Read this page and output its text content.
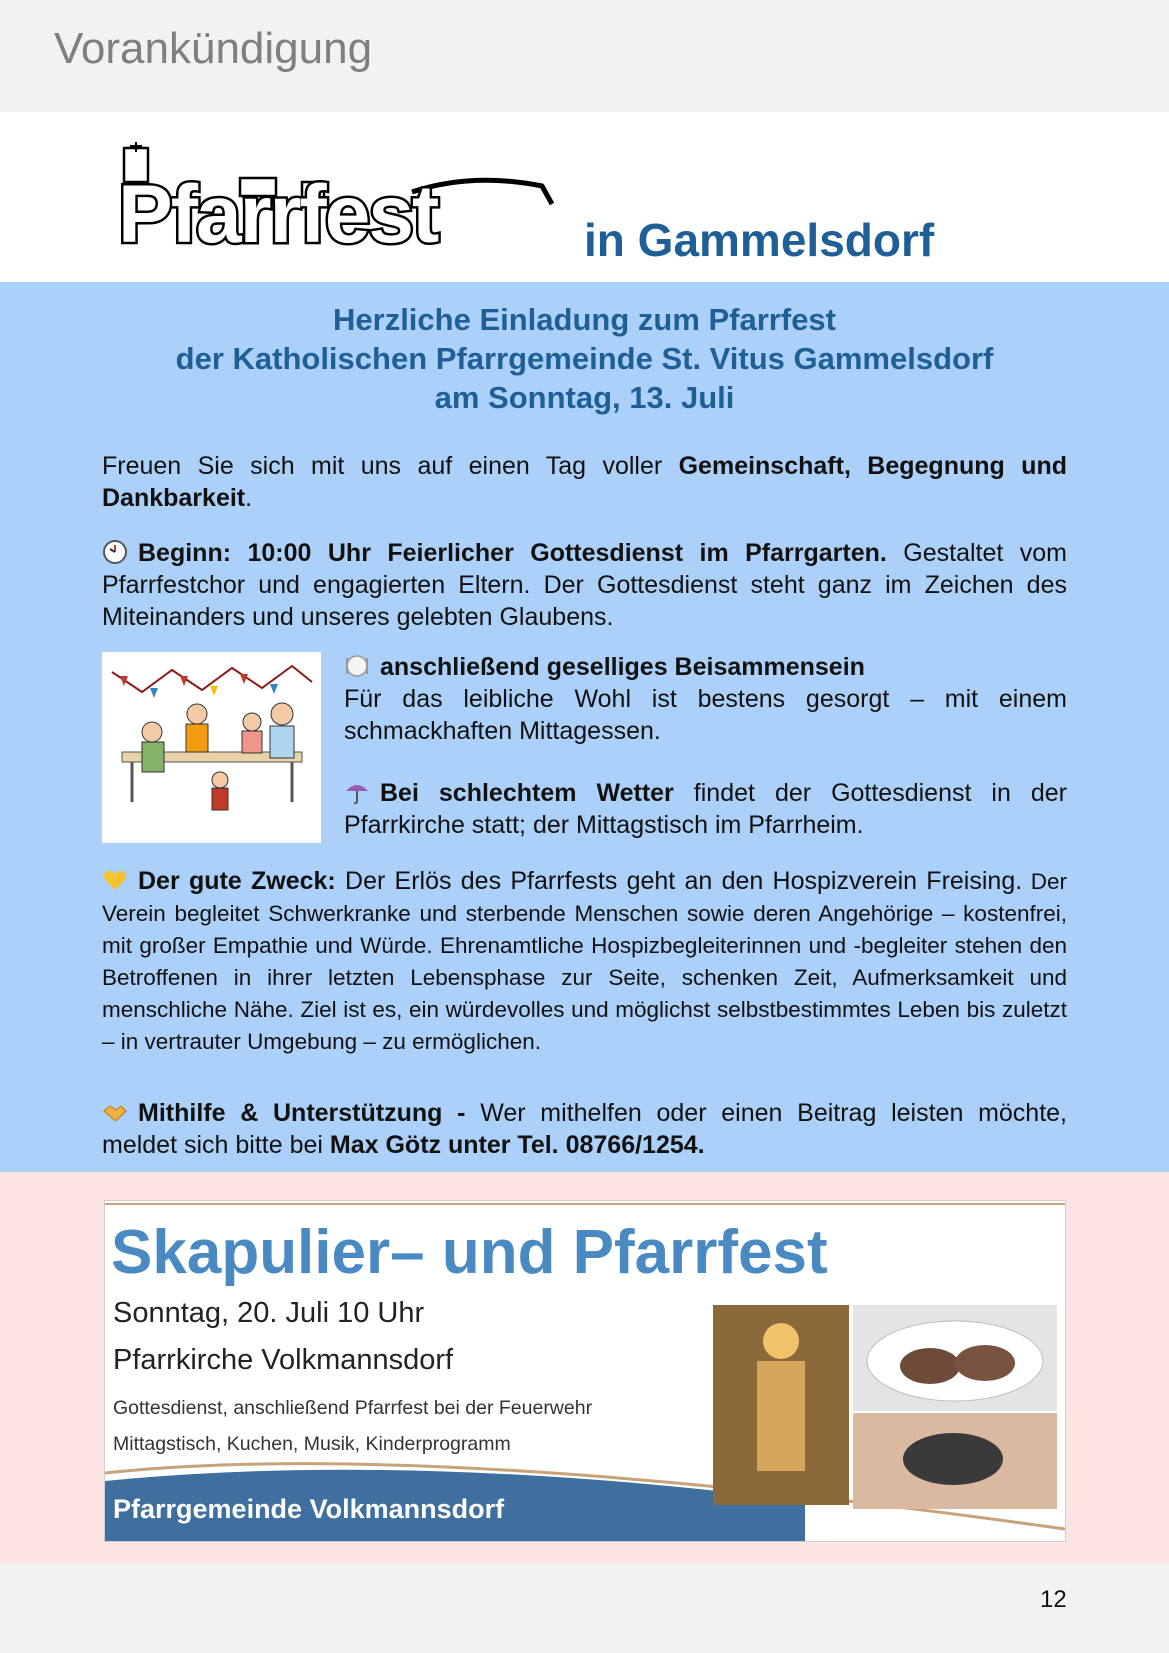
Vorankündigung
Pfarrfest	in Gammelsdorf
Herzliche Einladung zum Pfarrfest
der Katholischen Pfarrgemeinde St. Vitus Gammelsdorf
am Sonntag, 13. Juli
Freuen Sie sich mit uns auf einen Tag voller Gemeinschaft, Begegnung und Dankbarkeit.
Beginn: 10:00 Uhr Feierlicher Gottesdienst im Pfarrgarten. Gestaltet vom Pfarrfestchor und engagierten Eltern. Der Gottesdienst steht ganz im Zeichen des Miteinanders und unseres gelebten Glaubens.
anschließend geselliges Beisammensein
Für das leibliche Wohl ist bestens gesorgt – mit einem schmackhaften Mittagessen.
Bei schlechtem Wetter findet der Gottesdienst in der Pfarrkirche statt; der Mittagstisch im Pfarrheim.
Der gute Zweck: Der Erlös des Pfarrfests geht an den Hospizverein Freising. Der Verein begleitet Schwerkranke und sterbende Menschen sowie deren Angehörige – kostenfrei, mit großer Empathie und Würde. Ehrenamtliche Hospizbegleiterinnen und -begleiter stehen den Betroffenen in ihrer letzten Lebensphase zur Seite, schenken Zeit, Aufmerksamkeit und menschliche Nähe. Ziel ist es, ein würdevolles und möglichst selbstbestimmtes Leben bis zuletzt – in vertrauter Umgebung – zu ermöglichen.
Mithilfe & Unterstützung - Wer mithelfen oder einen Beitrag leisten möchte, meldet sich bitte bei Max Götz unter Tel. 08766/1254.
Skapulier– und Pfarrfest
Sonntag, 20. Juli 10 Uhr
Pfarrkirche Volkmannsdorf
Gottesdienst, anschließend Pfarrfest bei der Feuerwehr
Mittagstisch, Kuchen, Musik, Kinderprogramm
Pfarrgemeinde Volkmannsdorf
12
